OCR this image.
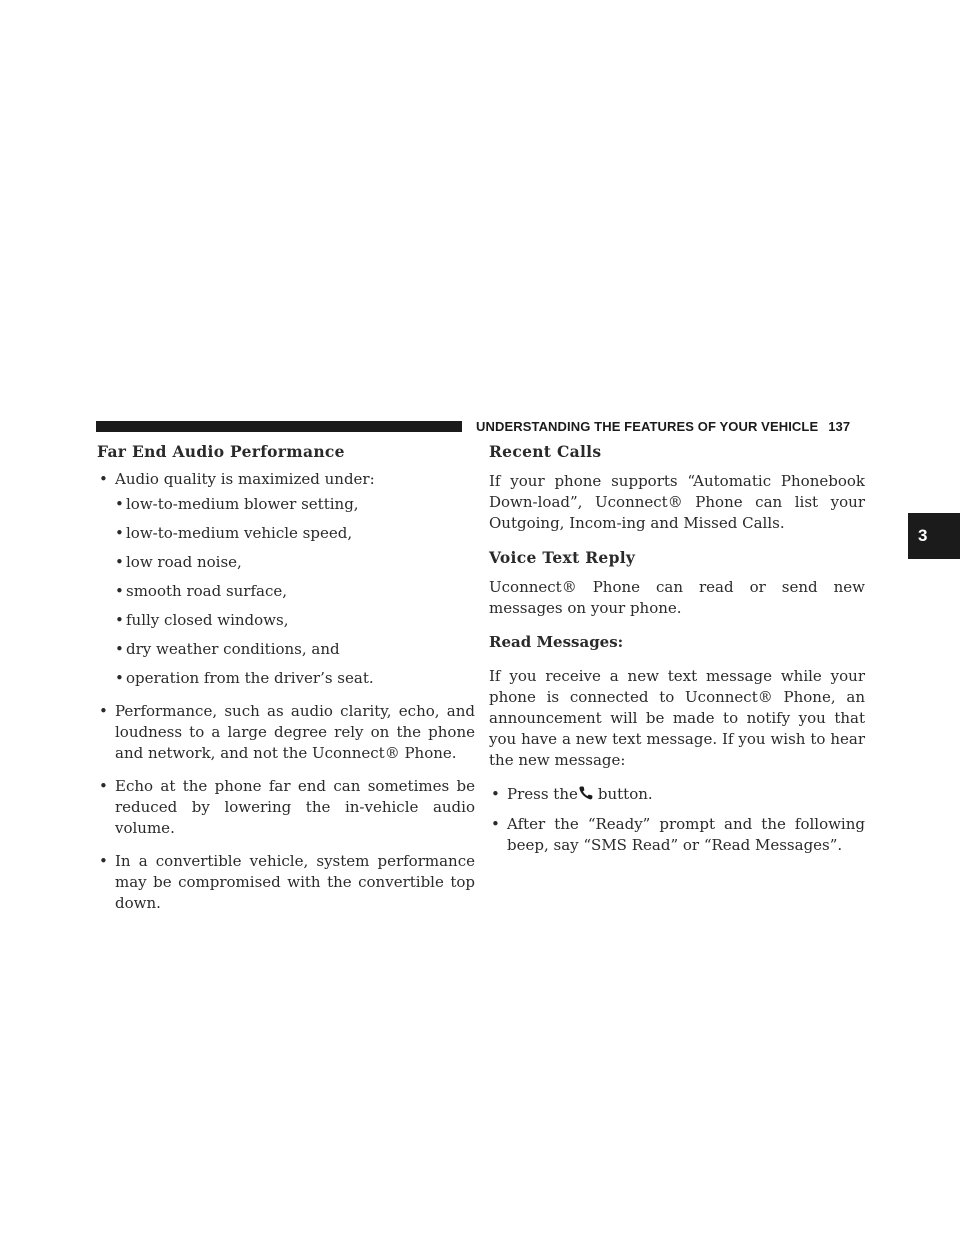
UNDERSTANDING THE FEATURES OF YOUR VEHICLE 137
3
Far End Audio Performance
• Audio quality is maximized under:
• low-to-medium blower setting,
• low-to-medium vehicle speed,
• low road noise,
• smooth road surface,
• fully closed windows,
• dry weather conditions, and
• operation from the driver’s seat.
• Performance, such as audio clarity, echo, and loudness to a large degree rely on the phone and network, and not the Uconnect® Phone.
• Echo at the phone far end can sometimes be reduced by lowering the in-vehicle audio volume.
• In a convertible vehicle, system performance may be compromised with the convertible top down.
Recent Calls

If your phone supports “Automatic Phonebook Down-load”, Uconnect® Phone can list your Outgoing, Incom-ing and Missed Calls.

Voice Text Reply

Uconnect® Phone can read or send new messages on your phone.

Read Messages:

If you receive a new text message while your phone is connected to Uconnect® Phone, an announcement will be made to notify you that you have a new text message. If you wish to hear the new message:

• Press the button.
• After the “Ready” prompt and the following beep, say “SMS Read” or “Read Messages”.
